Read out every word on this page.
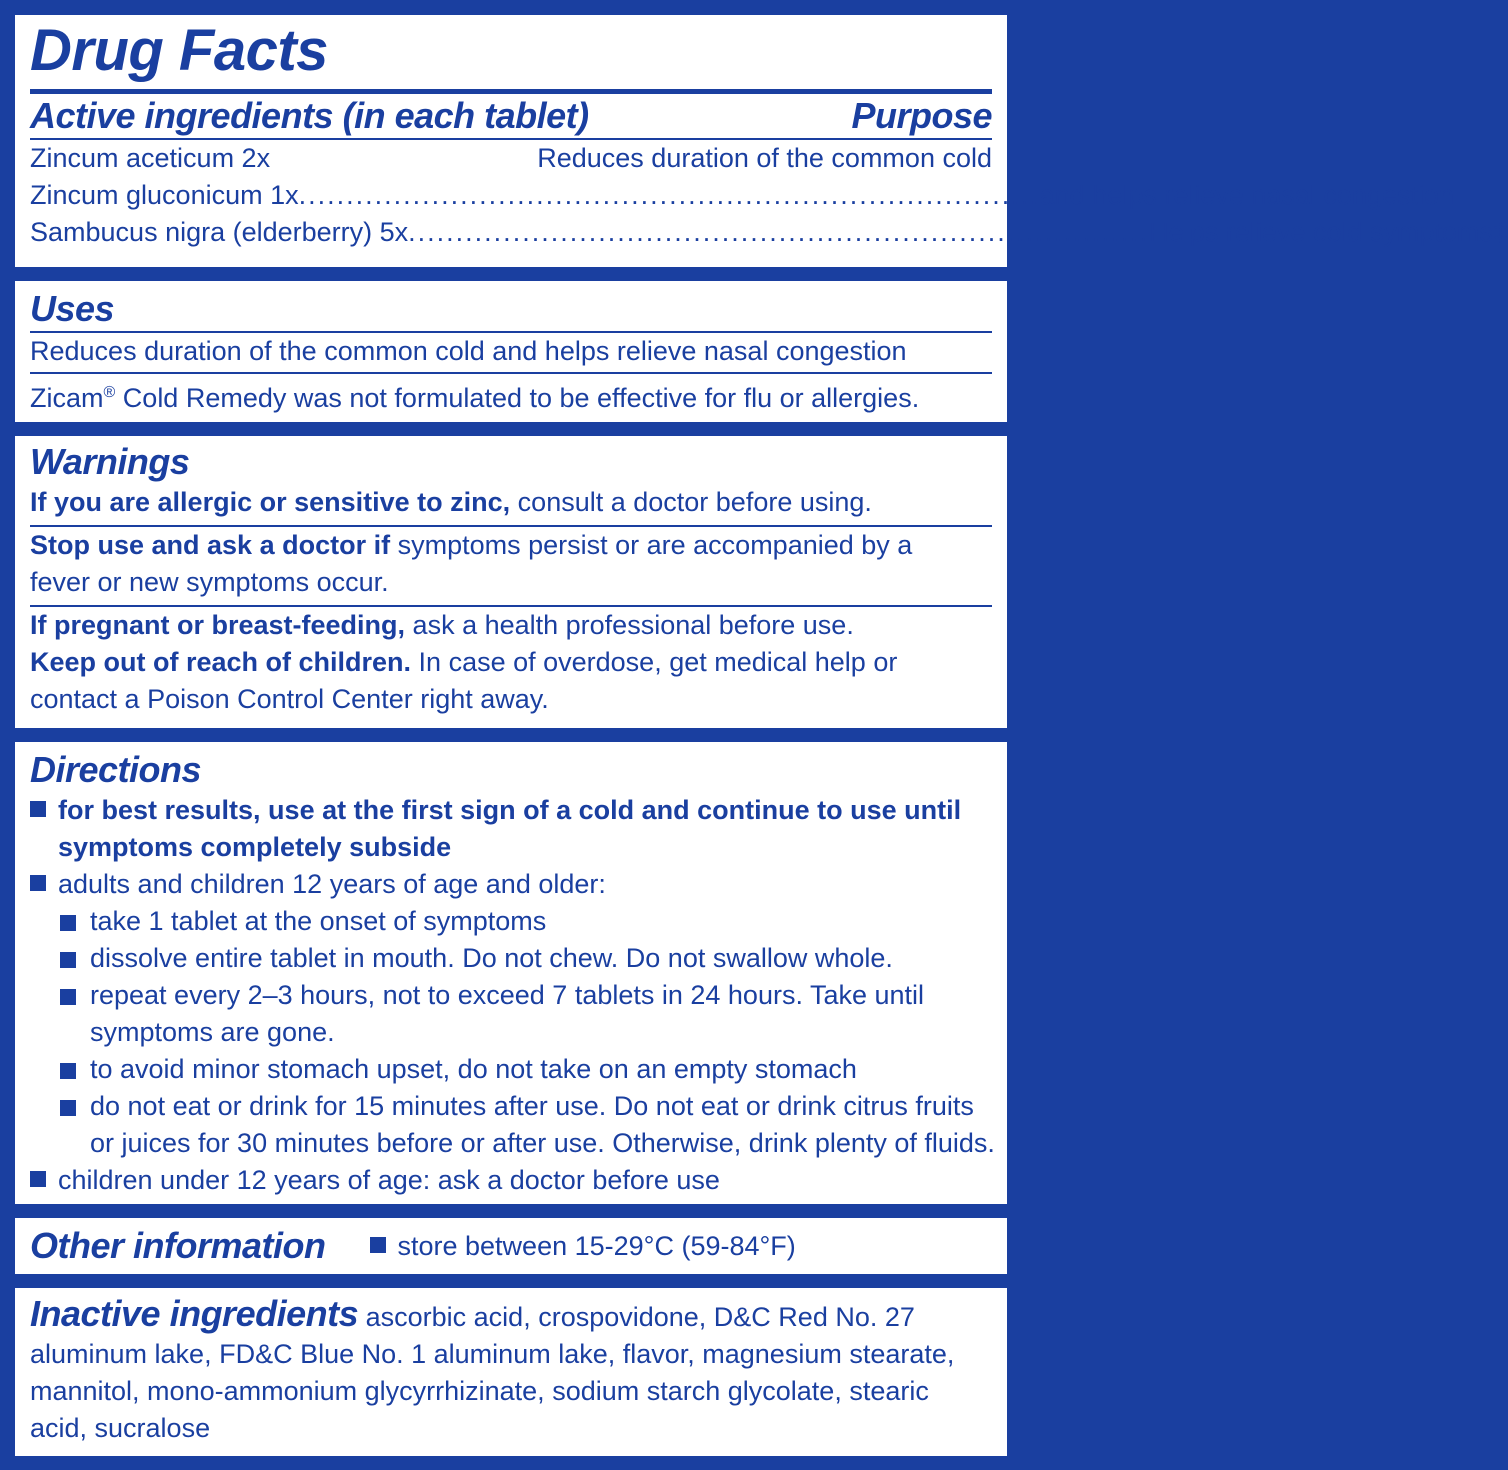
Drug Facts
Active ingredients (in each tablet)	Purpose
Zincum aceticum 2x	Reduces duration of the common cold
Zincum gluconicum 1x .............................................................................. and helps relieve nasal congestion
Sambucus nigra (elderberry) 5x .............................................................................. Helps relieve cold symptoms‡
Uses
Reduces duration of the common cold and helps relieve nasal congestion
Zicam® Cold Remedy was not formulated to be effective for flu or allergies.
Warnings
If you are allergic or sensitive to zinc, consult a doctor before using.
Stop use and ask a doctor if symptoms persist or are accompanied by a
fever or new symptoms occur.
If pregnant or breast-feeding, ask a health professional before use.
Keep out of reach of children. In case of overdose, get medical help or
contact a Poison Control Center right away.
Directions
for best results, use at the first sign of a cold and continue to use until
symptoms completely subside
adults and children 12 years of age and older:
take 1 tablet at the onset of symptoms
dissolve entire tablet in mouth. Do not chew. Do not swallow whole.
repeat every 2–3 hours, not to exceed 7 tablets in 24 hours. Take until symptoms are gone.
to avoid minor stomach upset, do not take on an empty stomach
do not eat or drink for 15 minutes after use. Do not eat or drink citrus fruits or juices for 30 minutes before or after use. Otherwise, drink plenty of fluids.
children under 12 years of age: ask a doctor before use
Other information	store between 15-29°C (59-84°F)
Inactive ingredients ascorbic acid, crospovidone, D&C Red No. 27 aluminum lake, FD&C Blue No. 1 aluminum lake, flavor, magnesium stearate, mannitol, mono-ammonium glycyrrhizinate, sodium starch glycolate, stearic acid, sucralose
